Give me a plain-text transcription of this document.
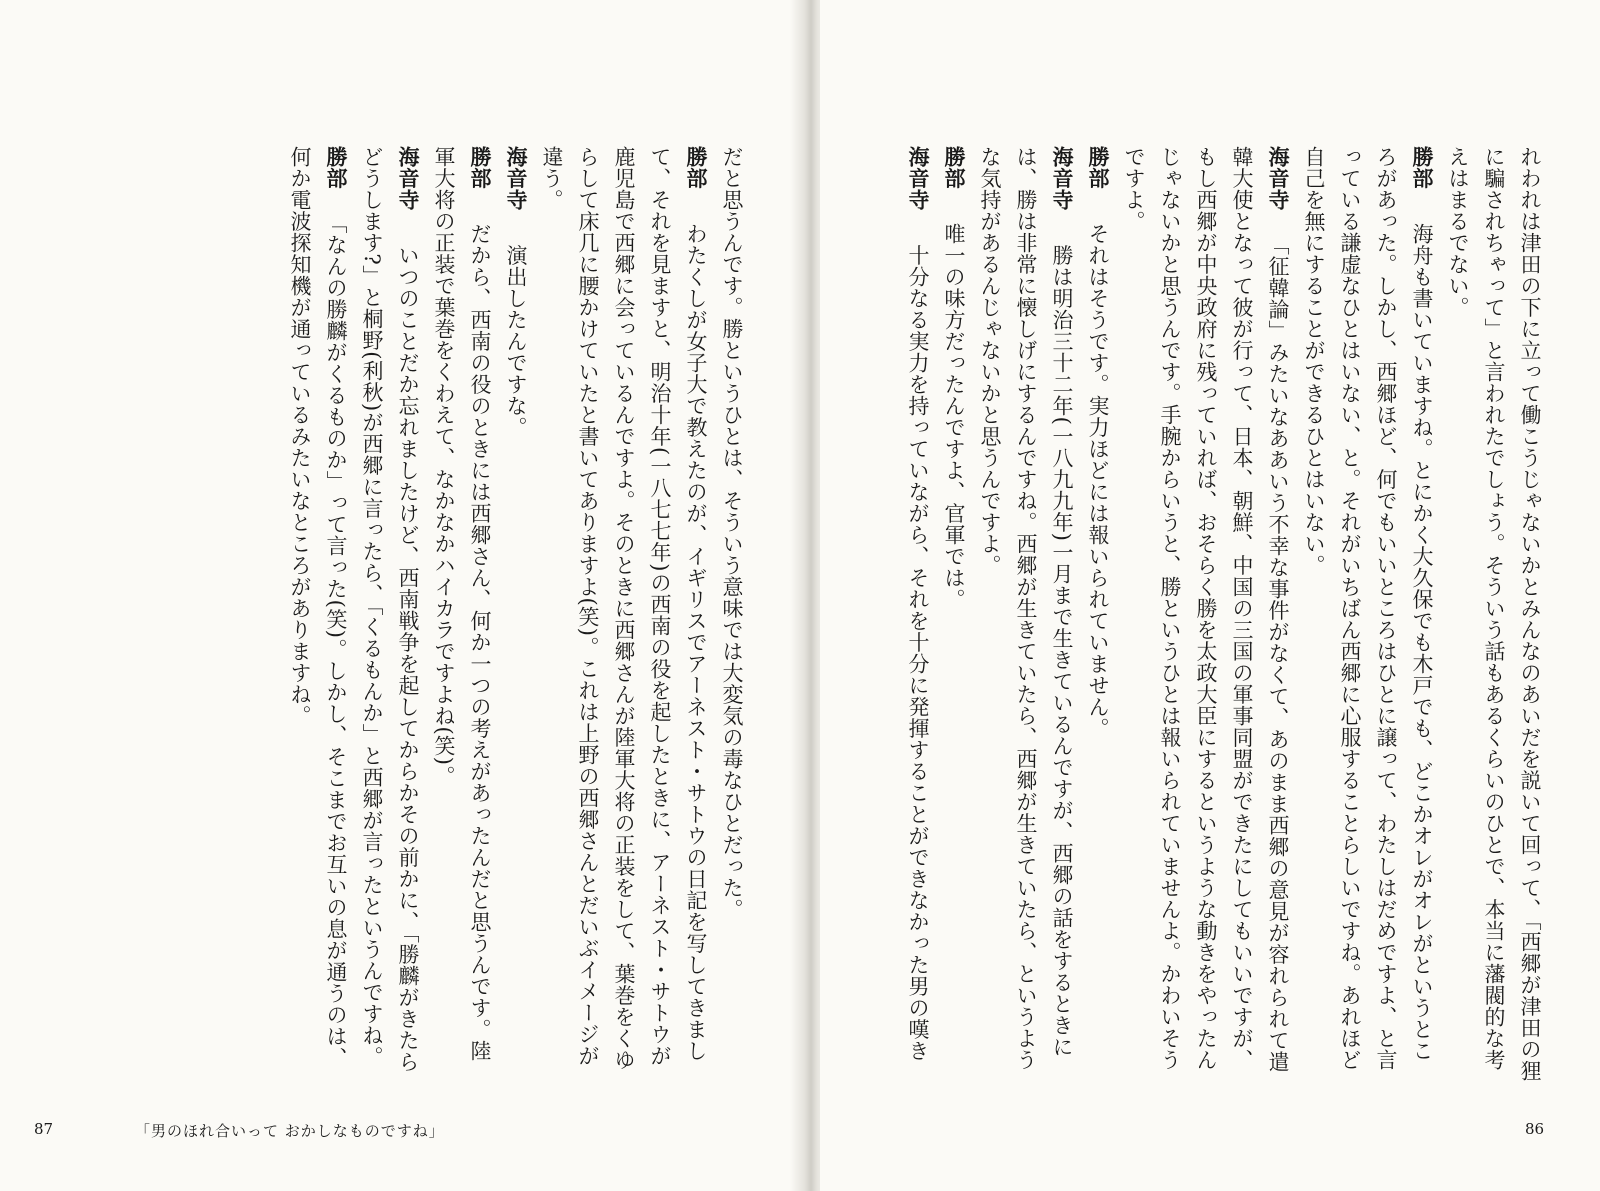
だと思うんです。勝というひとは、そういう意味では大変気の毒なひとだった。
勝部わたくしが女子大で教えたのが、イギリスでアーネスト・サトウの日記を写してきまし
て、それを見ますと、明治十年(一八七七年)の西南の役を起したときに、アーネスト・サトウが
鹿児島で西郷に会っているんですよ。そのときに西郷さんが陸軍大将の正装をして、葉巻をくゆ
らして床几に腰かけていたと書いてありますよ(笑)。これは上野の西郷さんとだいぶイメージが
違う。
海音寺演出したんですな。
勝部だから、西南の役のときには西郷さん、何か一つの考えがあったんだと思うんです。陸
軍大将の正装で葉巻をくわえて、なかなかハイカラですよね(笑)。
海音寺いつのことだか忘れましたけど、西南戦争を起してからかその前かに、「勝麟がきたら
どうします?」と桐野(利秋)が西郷に言ったら、「くるもんか」と西郷が言ったというんですね。
勝部「なんの勝麟がくるものか」って言った(笑)。しかし、そこまでお互いの息が通うのは、
何か電波探知機が通っているみたいなところがありますね。
87	「男のほれ合いって おかしなものですね」
れわれは津田の下に立って働こうじゃないかとみんなのあいだを説いて回って、「西郷が津田の狸
に騙されちゃって」と言われたでしょう。そういう話もあるくらいのひとで、本当に藩閥的な考
えはまるでない。
勝部海舟も書いていますね。とにかく大久保でも木戸でも、どこかオレがオレがというとこ
ろがあった。しかし、西郷ほど、何でもいいところはひとに譲って、わたしはだめですよ、と言
っている謙虚なひとはいない、と。それがいちばん西郷に心服することらしいですね。あれほど
自己を無にすることができるひとはいない。
海音寺「征韓論」みたいなああいう不幸な事件がなくて、あのまま西郷の意見が容れられて遣
韓大使となって彼が行って、日本、朝鮮、中国の三国の軍事同盟ができたにしてもいいですが、
もし西郷が中央政府に残っていれば、おそらく勝を太政大臣にするというような動きをやったん
じゃないかと思うんです。手腕からいうと、勝というひとは報いられていませんよ。かわいそう
ですよ。
勝部それはそうです。実力ほどには報いられていません。
海音寺勝は明治三十二年(一八九九年)一月まで生きているんですが、西郷の話をするときに
は、勝は非常に懐しげにするんですね。西郷が生きていたら、西郷が生きていたら、というよう
な気持があるんじゃないかと思うんですよ。
勝部唯一の味方だったんですよ、官軍では。
海音寺十分なる実力を持っていながら、それを十分に発揮することができなかった男の嘆き
86
